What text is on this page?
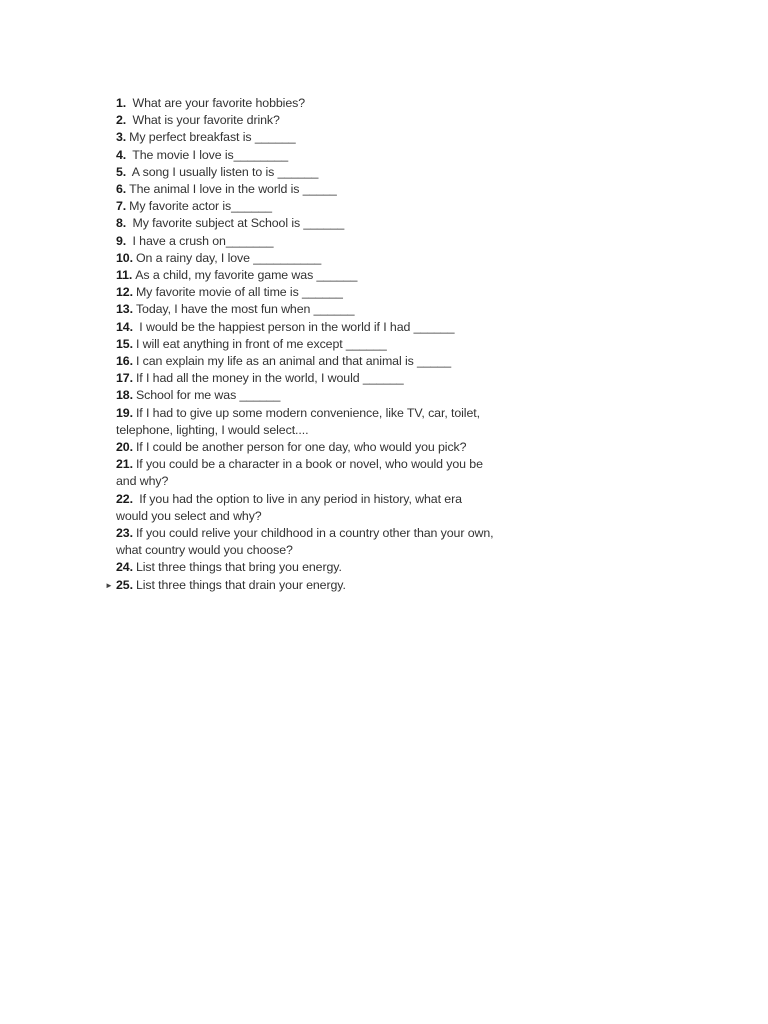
1. What are your favorite hobbies?
2. What is your favorite drink?
3. My perfect breakfast is ______
4. The movie I love is________
5. A song I usually listen to is ______
6. The animal I love in the world is _____
7. My favorite actor is______
8. My favorite subject at School is ______
9. I have a crush on_______
10. On a rainy day, I love __________
11. As a child, my favorite game was ______
12. My favorite movie of all time is ______
13. Today, I have the most fun when ______
14. I would be the happiest person in the world if I had ______
15. I will eat anything in front of me except ______
16. I can explain my life as an animal and that animal is _____
17. If I had all the money in the world, I would ______
18. School for me was ______
19. If I had to give up some modern convenience, like TV, car, toilet, telephone, lighting, I would select....
20. If I could be another person for one day, who would you pick?
21. If you could be a character in a book or novel, who would you be and why?
22. If you had the option to live in any period in history, what era would you select and why?
23. If you could relive your childhood in a country other than your own, what country would you choose?
24. List three things that bring you energy.
► 25. List three things that drain your energy.
